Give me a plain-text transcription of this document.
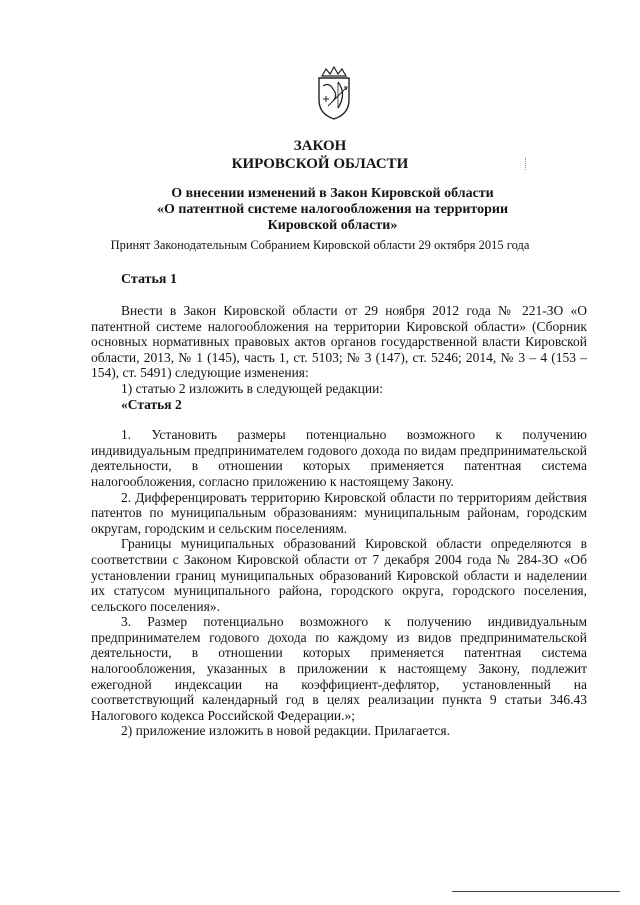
ЗАКОН
КИРОВСКОЙ ОБЛАСТИ
О внесении изменений в Закон Кировской области
«О патентной системе налогообложения на территории
Кировской области»
Принят Законодательным Собранием Кировской области 29 октября 2015 года
Статья 1

Внести в Закон Кировской области от 29 ноября 2012 года № 221-ЗО «О патентной системе налогообложения на территории Кировской области» (Сборник основных нормативных правовых актов органов государственной власти Кировской области, 2013, № 1 (145), часть 1, ст. 5103; № 3 (147), ст. 5246; 2014, № 3 – 4 (153 – 154), ст. 5491) следующие изменения:

1) статью 2 изложить в следующей редакции:

«Статья 2

1. Установить размеры потенциально возможного к получению индивидуальным предпринимателем годового дохода по видам предпринимательской деятельности, в отношении которых применяется патентная система налогообложения, согласно приложению к настоящему Закону.

2. Дифференцировать территорию Кировской области по территориям действия патентов по муниципальным образованиям: муниципальным районам, городским округам, городским и сельским поселениям.

Границы муниципальных образований Кировской области определяются в соответствии с Законом Кировской области от 7 декабря 2004 года № 284-ЗО «Об установлении границ муниципальных образований Кировской области и наделении их статусом муниципального района, городского округа, городского поселения, сельского поселения».

3. Размер потенциально возможного к получению индивидуальным предпринимателем годового дохода по каждому из видов предпринимательской деятельности, в отношении которых применяется патентная система налогообложения, указанных в приложении к настоящему Закону, подлежит ежегодной индексации на коэффициент-дефлятор, установленный на соответствующий календарный год в целях реализации пункта 9 статьи 346.43 Налогового кодекса Российской Федерации.»;

2) приложение изложить в новой редакции. Прилагается.
